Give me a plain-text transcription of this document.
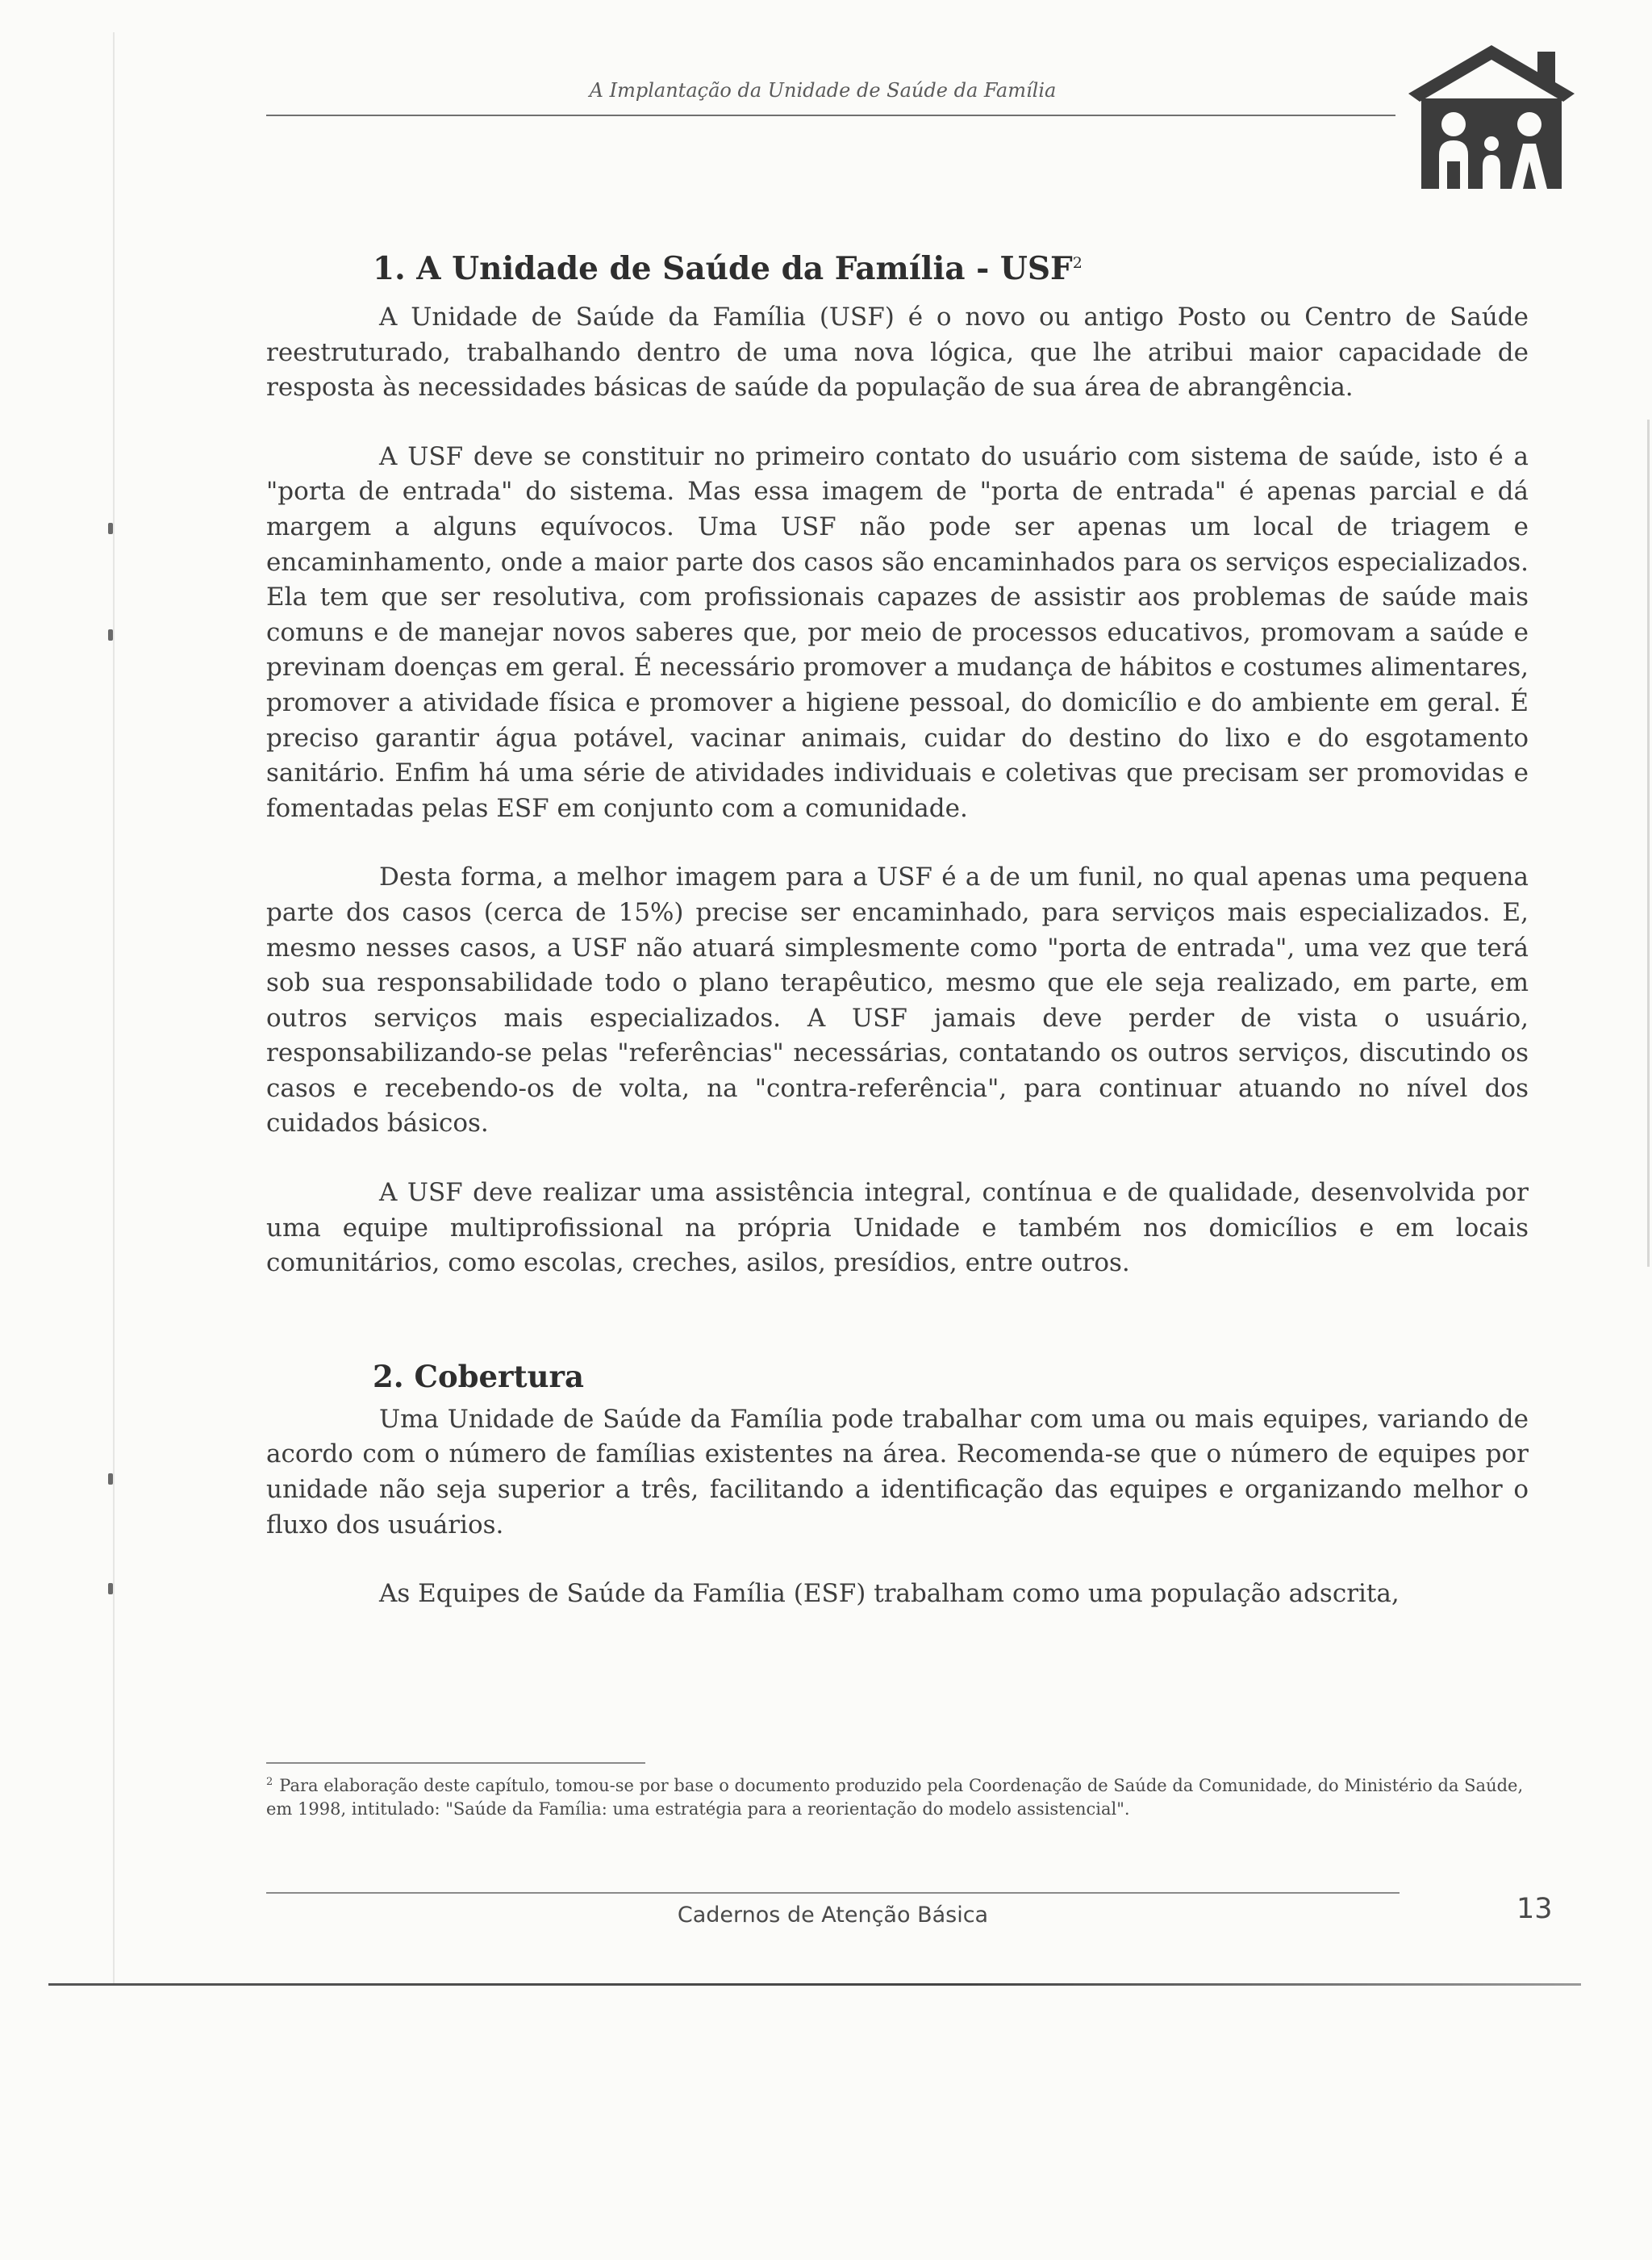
A Implantação da Unidade de Saúde da Família
1. A Unidade de Saúde da Família - USF$^2$

A Unidade de Saúde da Família (USF) é o novo ou antigo Posto ou Centro de Saúde reestruturado, trabalhando dentro de uma nova lógica, que lhe atribui maior capacidade de resposta às necessidades básicas de saúde da população de sua área de abrangência.

A USF deve se constituir no primeiro contato do usuário com sistema de saúde, isto é a "porta de entrada" do sistema. Mas essa imagem de "porta de entrada" é apenas parcial e dá margem a alguns equívocos. Uma USF não pode ser apenas um local de triagem e encaminhamento, onde a maior parte dos casos são encaminhados para os serviços especializados. Ela tem que ser resolutiva, com profissionais capazes de assistir aos problemas de saúde mais comuns e de manejar novos saberes que, por meio de processos educativos, promovam a saúde e previnam doenças em geral. É necessário promover a mudança de hábitos e costumes alimentares, promover a atividade física e promover a higiene pessoal, do domicílio e do ambiente em geral. É preciso garantir água potável, vacinar animais, cuidar do destino do lixo e do esgotamento sanitário. Enfim há uma série de atividades individuais e coletivas que precisam ser promovidas e fomentadas pelas ESF em conjunto com a comunidade.

Desta forma, a melhor imagem para a USF é a de um funil, no qual apenas uma pequena parte dos casos (cerca de 15%) precise ser encaminhado, para serviços mais especializados. E, mesmo nesses casos, a USF não atuará simplesmente como "porta de entrada", uma vez que terá sob sua responsabilidade todo o plano terapêutico, mesmo que ele seja realizado, em parte, em outros serviços mais especializados. A USF jamais deve perder de vista o usuário, responsabilizando-se pelas "referências" necessárias, contatando os outros serviços, discutindo os casos e recebendo-os de volta, na "contra-referência", para continuar atuando no nível dos cuidados básicos.

A USF deve realizar uma assistência integral, contínua e de qualidade, desenvolvida por uma equipe multiprofissional na própria Unidade e também nos domicílios e em locais comunitários, como escolas, creches, asilos, presídios, entre outros.

2. Cobertura

Uma Unidade de Saúde da Família pode trabalhar com uma ou mais equipes, variando de acordo com o número de famílias existentes na área. Recomenda-se que o número de equipes por unidade não seja superior a três, facilitando a identificação das equipes e organizando melhor o fluxo dos usuários.

As Equipes de Saúde da Família (ESF) trabalham como uma população adscrita,

$^2$ Para elaboração deste capítulo, tomou-se por base o documento produzido pela Coordenação de Saúde da Comunidade, do Ministério da Saúde, em 1998, intitulado: "Saúde da Família: uma estratégia para a reorientação do modelo assistencial".
Cadernos de Atenção Básica	13
